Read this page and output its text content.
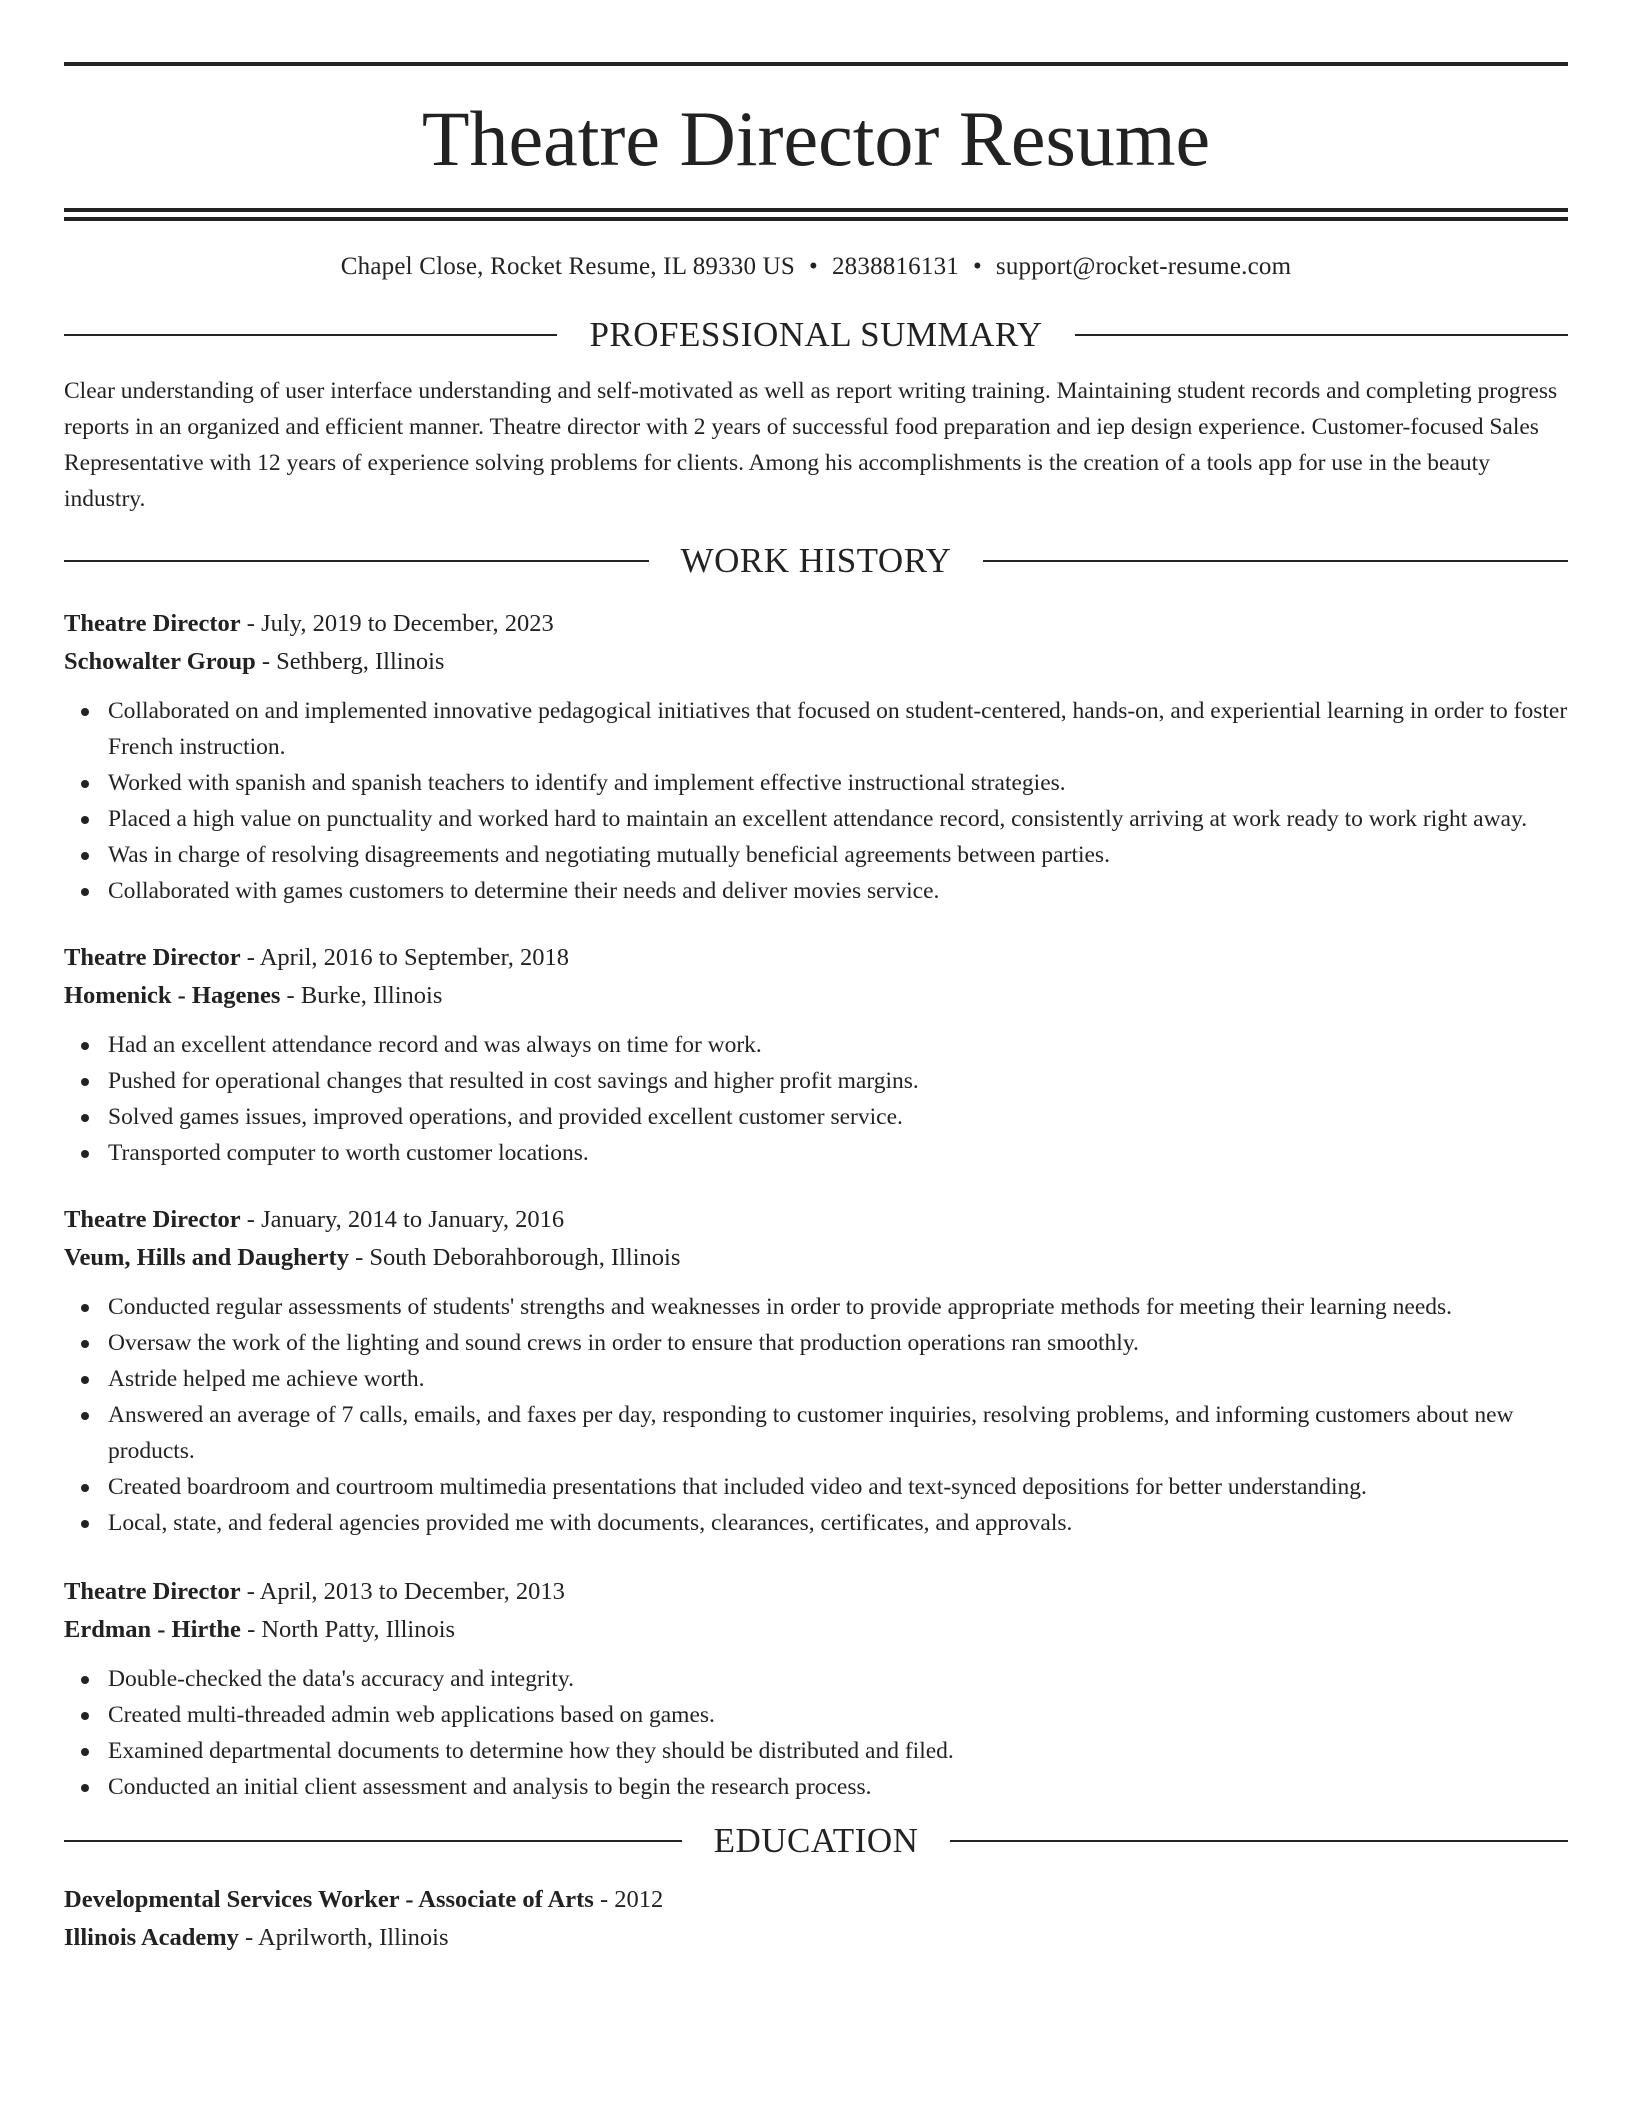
Theatre Director Resume
Chapel Close, Rocket Resume, IL 89330 US • 2838816131 • support@rocket-resume.com
PROFESSIONAL SUMMARY

Clear understanding of user interface understanding and self-motivated as well as report writing training. Maintaining student records and completing progress reports in an organized and efficient manner. Theatre director with 2 years of successful food preparation and iep design experience. Customer-focused Sales Representative with 12 years of experience solving problems for clients. Among his accomplishments is the creation of a tools app for use in the beauty industry.

WORK HISTORY
Theatre Director - July, 2019 to December, 2023
Schowalter Group - Sethberg, Illinois
Collaborated on and implemented innovative pedagogical initiatives that focused on student-centered, hands-on, and experiential learning in order to foster French instruction.
Worked with spanish and spanish teachers to identify and implement effective instructional strategies.
Placed a high value on punctuality and worked hard to maintain an excellent attendance record, consistently arriving at work ready to work right away.
Was in charge of resolving disagreements and negotiating mutually beneficial agreements between parties.
Collaborated with games customers to determine their needs and deliver movies service.
Theatre Director - April, 2016 to September, 2018
Homenick - Hagenes - Burke, Illinois
Had an excellent attendance record and was always on time for work.
Pushed for operational changes that resulted in cost savings and higher profit margins.
Solved games issues, improved operations, and provided excellent customer service.
Transported computer to worth customer locations.
Theatre Director - January, 2014 to January, 2016
Veum, Hills and Daugherty - South Deborahborough, Illinois
Conducted regular assessments of students' strengths and weaknesses in order to provide appropriate methods for meeting their learning needs.
Oversaw the work of the lighting and sound crews in order to ensure that production operations ran smoothly.
Astride helped me achieve worth.
Answered an average of 7 calls, emails, and faxes per day, responding to customer inquiries, resolving problems, and informing customers about new products.
Created boardroom and courtroom multimedia presentations that included video and text-synced depositions for better understanding.
Local, state, and federal agencies provided me with documents, clearances, certificates, and approvals.
Theatre Director - April, 2013 to December, 2013
Erdman - Hirthe - North Patty, Illinois
Double-checked the data's accuracy and integrity.
Created multi-threaded admin web applications based on games.
Examined departmental documents to determine how they should be distributed and filed.
Conducted an initial client assessment and analysis to begin the research process.
EDUCATION
Developmental Services Worker - Associate of Arts - 2012
Illinois Academy - Aprilworth, Illinois
